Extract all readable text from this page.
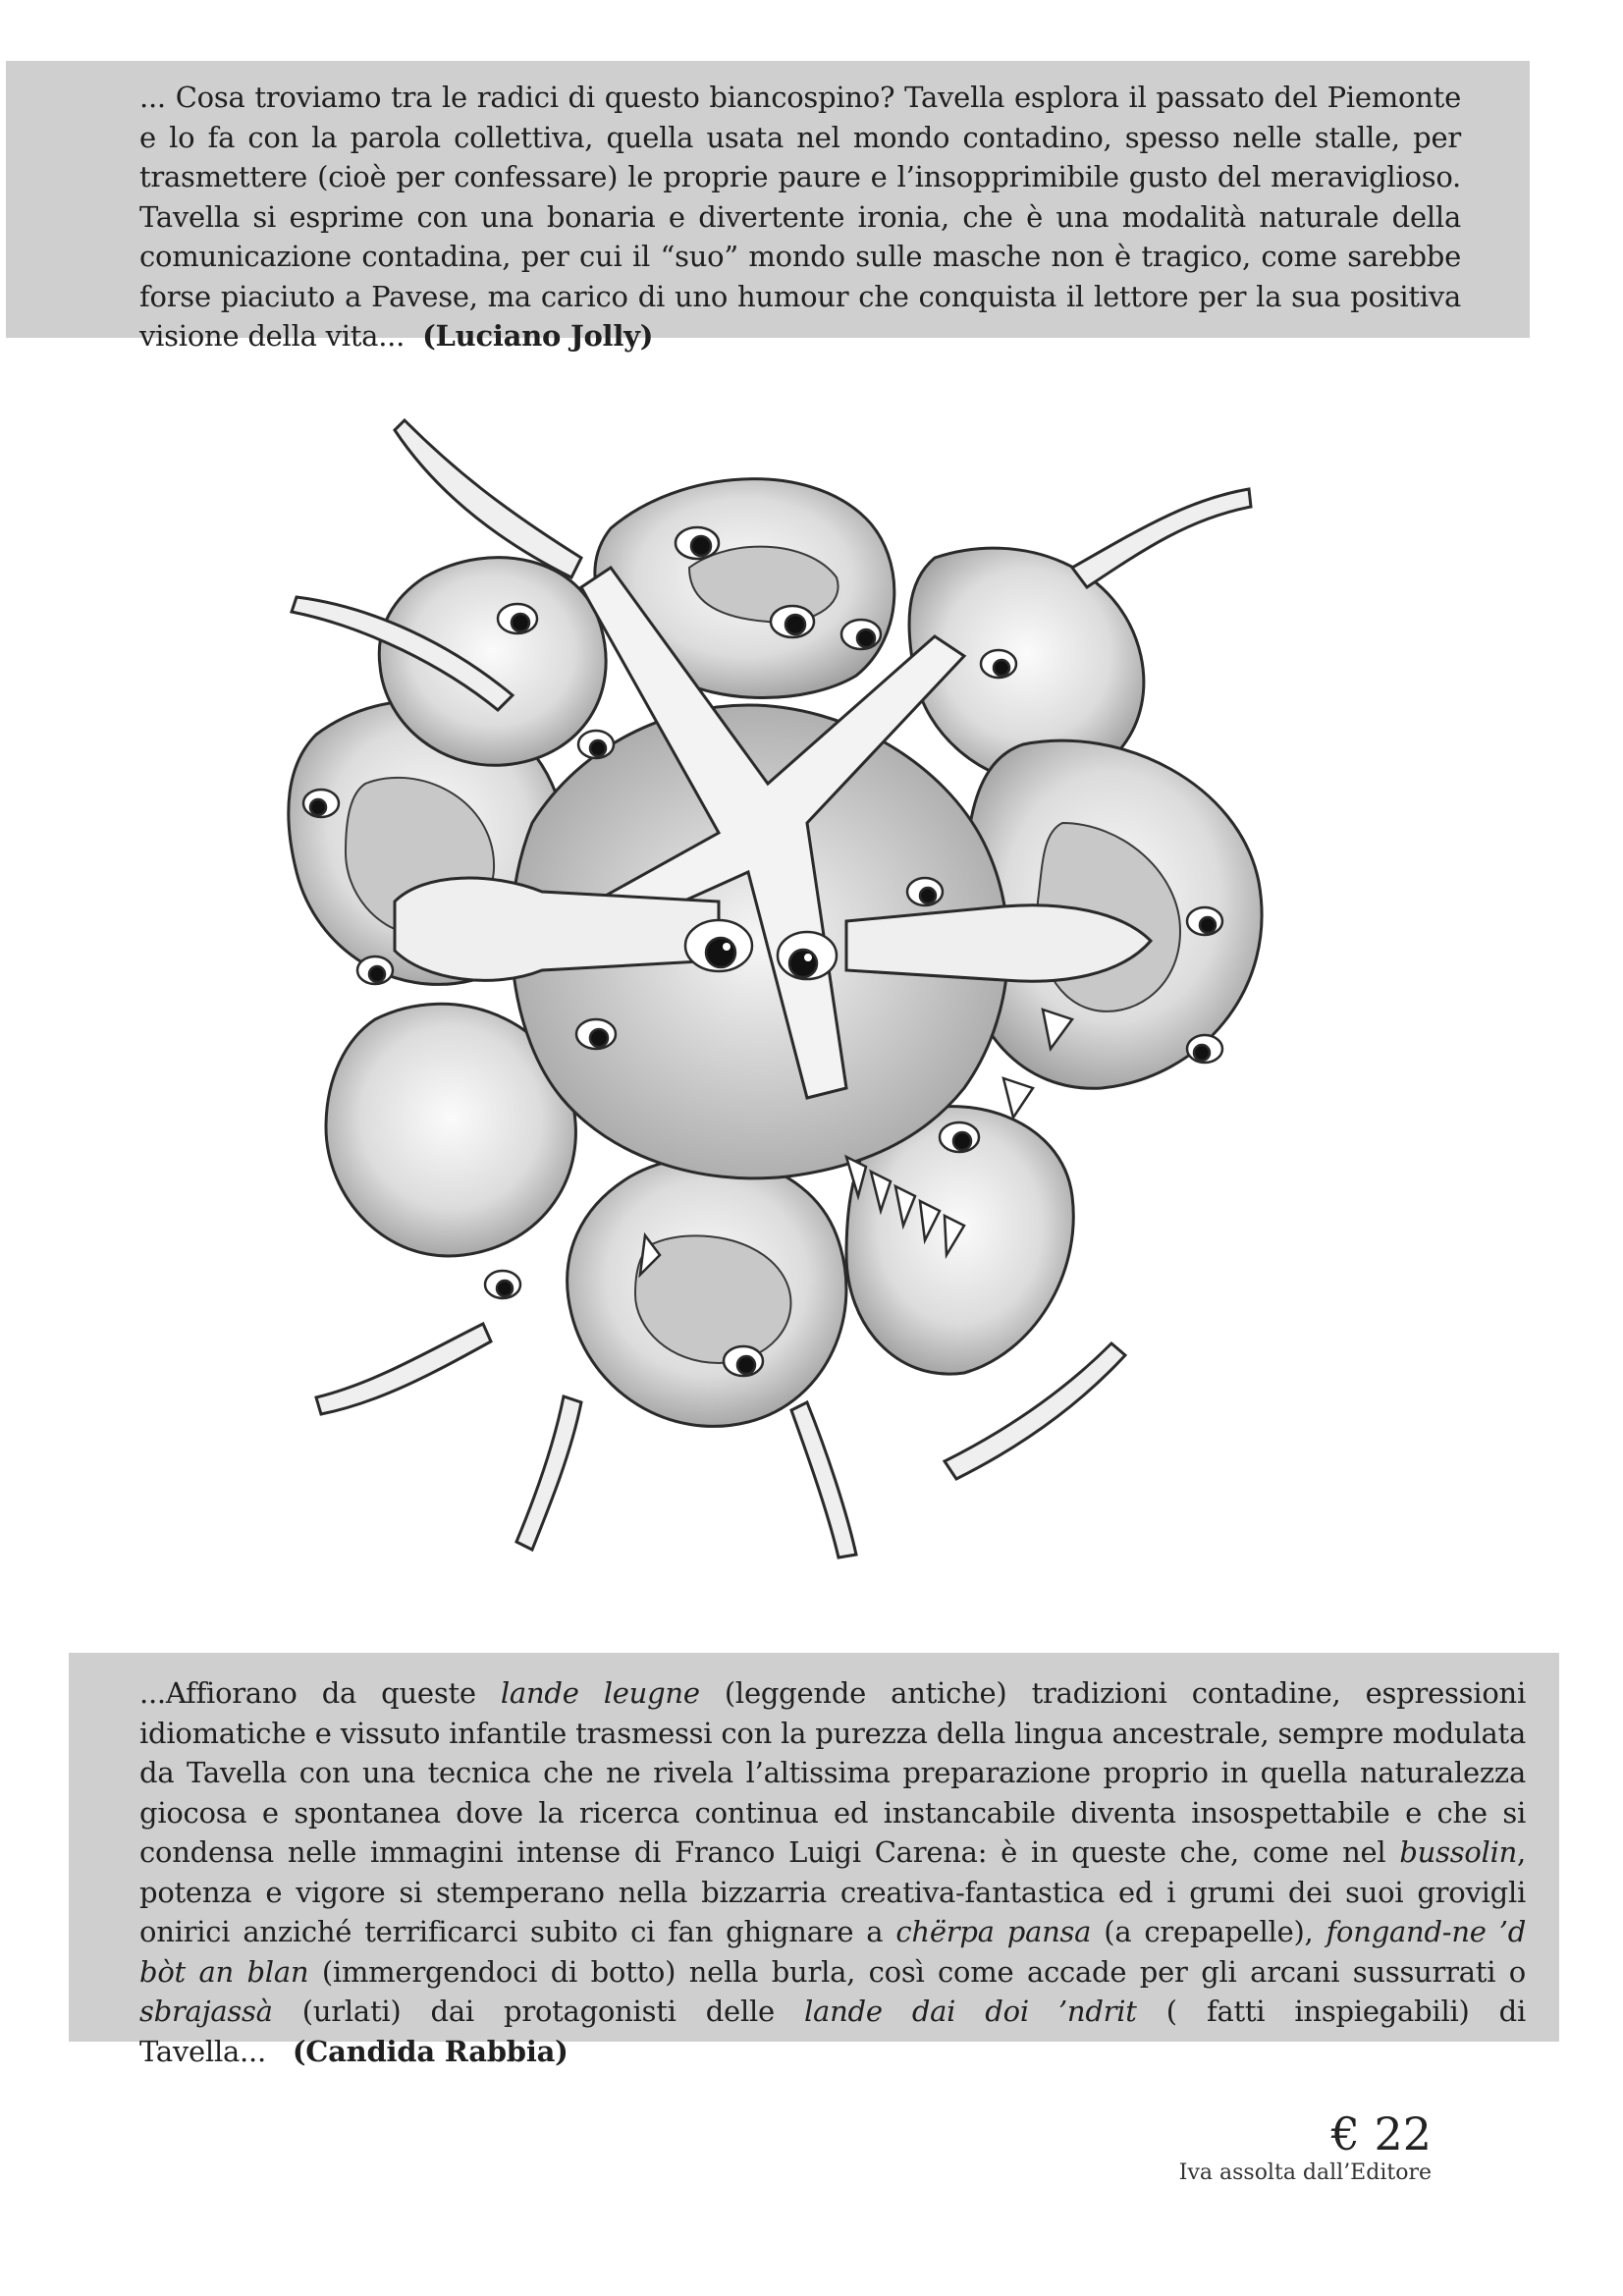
... Cosa troviamo tra le radici di questo biancospino? Tavella esplora il passato del Piemonte e lo fa con la parola collettiva, quella usata nel mondo contadino, spesso nelle stalle, per trasmettere (cioè per confessare) le proprie paure e l’insopprimibile gusto del meraviglioso. Tavella si esprime con una bonaria e divertente ironia, che è una modalità naturale della comunicazione contadina, per cui il “suo” mondo sulle masche non è tragico, come sarebbe forse piaciuto a Pavese, ma carico di uno humour che conquista il lettore per la sua positiva visione della vita... (Luciano Jolly)

...Affiorano da queste lande leugne (leggende antiche) tradizioni contadine, espressioni idiomatiche e vissuto infantile trasmessi con la purezza della lingua ancestrale, sempre modulata da Tavella con una tecnica che ne rivela l’altissima preparazione proprio in quella naturalezza giocosa e spontanea dove la ricerca continua ed instancabile diventa insospettabile e che si condensa nelle immagini intense di Franco Luigi Carena: è in queste che, come nel bussolin, potenza e vigore si stemperano nella bizzarria creativa-fantastica ed i grumi dei suoi grovigli onirici anziché terrificarci subito ci fan ghignare a chërpa pansa (a crepapelle), fongand-ne ’d bòt an blan (immergendoci di botto) nella burla, così come accade per gli arcani sussurrati o sbrajassà (urlati) dai protagonisti delle lande dai doi ’ndrit ( fatti inspiegabili) di Tavella... (Candida Rabbia)

€ 22
Iva assolta dall’Editore
